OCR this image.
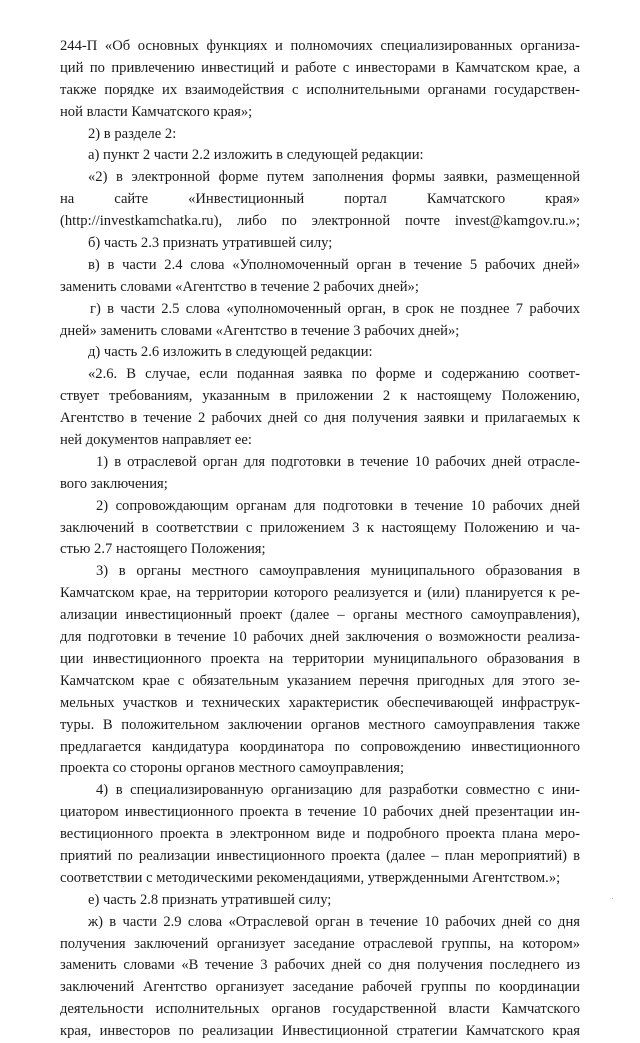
244-П «Об основных функциях и полномочиях специализированных организа-
ций по привлечению инвестиций и работе с инвесторами в Камчатском крае, а
также порядке их взаимодействия с исполнительными органами государствен-
ной власти Камчатского края»;
2) в разделе 2:
а) пункт 2 части 2.2 изложить в следующей редакции:
«2) в электронной форме путем заполнения формы заявки, размещенной
на сайте «Инвестиционный портал Камчатского края»
(http://investkamchatka.ru), либо по электронной почте invest@kamgov.ru.»;
б) часть 2.3 признать утратившей силу;
в) в части 2.4 слова «Уполномоченный орган в течение 5 рабочих дней»
заменить словами «Агентство в течение 2 рабочих дней»;
г) в части 2.5 слова «уполномоченный орган, в срок не позднее 7 рабочих
дней» заменить словами «Агентство в течение 3 рабочих дней»;
д) часть 2.6 изложить в следующей редакции:
«2.6. В случае, если поданная заявка по форме и содержанию соответ-
ствует требованиям, указанным в приложении 2 к настоящему Положению,
Агентство в течение 2 рабочих дней со дня получения заявки и прилагаемых к
ней документов направляет ее:
1) в отраслевой орган для подготовки в течение 10 рабочих дней отрасле-
вого заключения;
2) сопровождающим органам для подготовки в течение 10 рабочих дней
заключений в соответствии с приложением 3 к настоящему Положению и ча-
стью 2.7 настоящего Положения;
3) в органы местного самоуправления муниципального образования в
Камчатском крае, на территории которого реализуется и (или) планируется к ре-
ализации инвестиционный проект (далее – органы местного самоуправления),
для подготовки в течение 10 рабочих дней заключения о возможности реализа-
ции инвестиционного проекта на территории муниципального образования в
Камчатском крае с обязательным указанием перечня пригодных для этого зе-
мельных участков и технических характеристик обеспечивающей инфраструк-
туры. В положительном заключении органов местного самоуправления также
предлагается кандидатура координатора по сопровождению инвестиционного
проекта со стороны органов местного самоуправления;
4) в специализированную организацию для разработки совместно с ини-
циатором инвестиционного проекта в течение 10 рабочих дней презентации ин-
вестиционного проекта в электронном виде и подробного проекта плана меро-
приятий по реализации инвестиционного проекта (далее – план мероприятий) в
соответствии с методическими рекомендациями, утвержденными Агентством.»;
е) часть 2.8 признать утратившей силу;
ж) в части 2.9 слова «Отраслевой орган в течение 10 рабочих дней со дня
получения заключений организует заседание отраслевой группы, на котором»
заменить словами «В течение 3 рабочих дней со дня получения последнего из
заключений Агентство организует заседание рабочей группы по координации
деятельности исполнительных органов государственной власти Камчатского
края, инвесторов по реализации Инвестиционной стратегии Камчатского края
